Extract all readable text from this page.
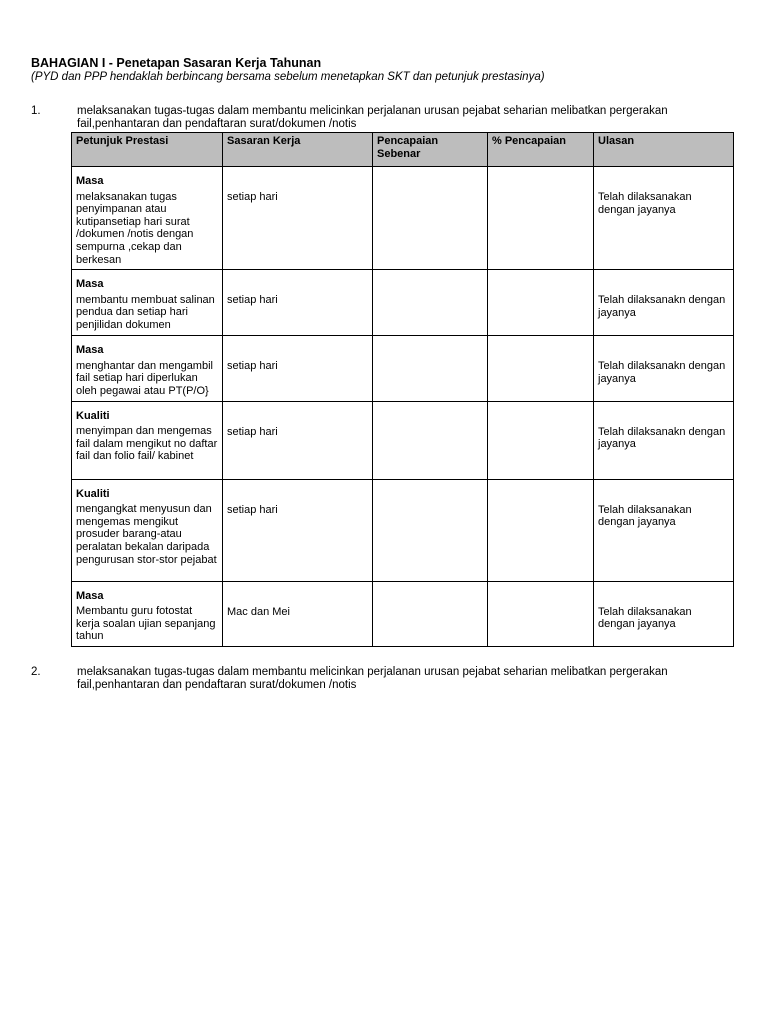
BAHAGIAN I - Penetapan Sasaran Kerja Tahunan
(PYD dan PPP hendaklah berbincang bersama sebelum menetapkan SKT dan petunjuk prestasinya)
1.	melaksanakan tugas-tugas dalam membantu melicinkan perjalanan urusan pejabat seharian melibatkan pergerakan fail,penhantaran dan pendaftaran surat/dokumen /notis
Petunjuk Prestasi	Sasaran Kerja	Pencapaian Sebenar	% Pencapaian	Ulasan

Masa
melaksanakan tugas penyimpanan atau kutipansetiap hari surat /dokumen /notis dengan sempurna ,cekap dan berkesan	setiap hari			Telah dilaksanakan dengan jayanya

Masa
membantu membuat salinan pendua dan setiap hari penjilidan dokumen	setiap hari			Telah dilaksanakn dengan jayanya

Masa
menghantar dan mengambil fail setiap hari diperlukan oleh pegawai atau PT(P/O}	setiap hari			Telah dilaksanakn dengan jayanya

Kualiti
menyimpan dan mengemas fail dalam mengikut no daftar fail dan folio fail/ kabinet	setiap hari			Telah dilaksanakn dengan jayanya

Kualiti
mengangkat menyusun dan mengemas mengikut prosuder barang-atau peralatan bekalan daripada pengurusan stor-stor pejabat	setiap hari			Telah dilaksanakan dengan jayanya

Masa
Membantu guru fotostat kerja soalan ujian sepanjang tahun	Mac dan Mei			Telah dilaksanakan dengan jayanya
2.	melaksanakan tugas-tugas dalam membantu melicinkan perjalanan urusan pejabat seharian melibatkan pergerakan fail,penhantaran dan pendaftaran surat/dokumen /notis
